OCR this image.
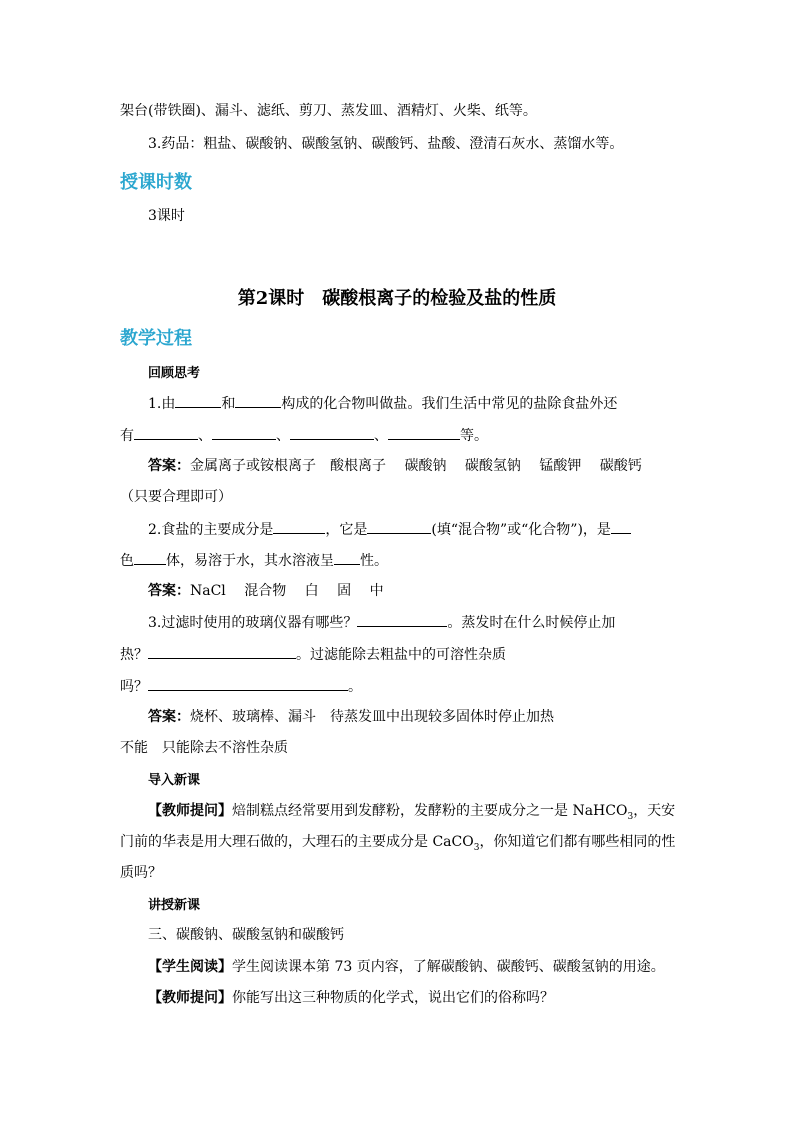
架台(带铁圈)、漏斗、滤纸、剪刀、蒸发皿、酒精灯、火柴、纸等。
3.药品：粗盐、碳酸钠、碳酸氢钠、碳酸钙、盐酸、澄清石灰水、蒸馏水等。
授课时数
3课时
第2课时　碳酸根离子的检验及盐的性质
教学过程
回顾思考
1.由	和	构成的化合物叫做盐。我们生活中常见的盐除食盐外还
有	、	、	、	等。
答案：金属离子或铵根离子　酸根离子　 碳酸钠　 碳酸氢钠　 锰酸钾　 碳酸钙
（只要合理即可）
2.食盐的主要成分是	，它是	(填“混合物”或“化合物”)，是
色 体，易溶于水，其水溶液呈 性。
答案：NaCl　 混合物　 白　 固　 中
3.过滤时使用的玻璃仪器有哪些？	。蒸发时在什么时候停止加
热？	。过滤能除去粗盐中的可溶性杂质
吗？	。
答案：烧杯、玻璃棒、漏斗　待蒸发皿中出现较多固体时停止加热
不能　只能除去不溶性杂质
导入新课
【教师提问】焙制糕点经常要用到发酵粉，发酵粉的主要成分之一是 NaHCO$_3$，天安
门前的华表是用大理石做的，大理石的主要成分是 CaCO$_3$，你知道它们都有哪些相同的性
质吗？
讲授新课
三、碳酸钠、碳酸氢钠和碳酸钙
【学生阅读】学生阅读课本第 73 页内容，了解碳酸钠、碳酸钙、碳酸氢钠的用途。
【教师提问】你能写出这三种物质的化学式，说出它们的俗称吗？
